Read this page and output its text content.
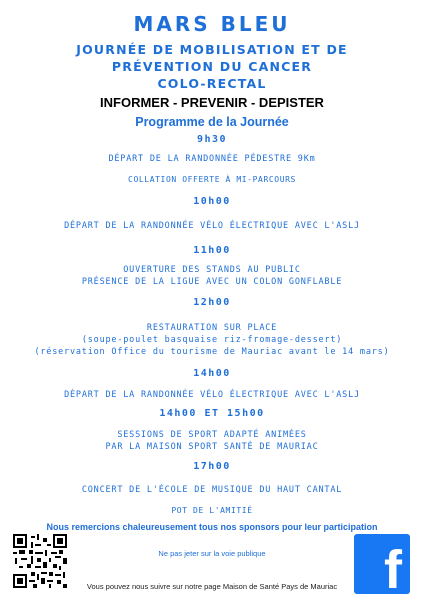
MARS BLEU
JOURNÉE DE MOBILISATION ET DE
PRÉVENTION DU CANCER
COLO-RECTAL
INFORMER - PREVENIR - DEPISTER
Programme de la Journée
9h30
DÉPART DE LA RANDONNÉE PÉDESTRE 9Km
COLLATION OFFERTE À MI-PARCOURS
10h00
DÉPART DE LA RANDONNÉE VÉLO ÉLECTRIQUE AVEC L'ASLJ
11h00
OUVERTURE DES STANDS AU PUBLIC
PRÉSENCE DE LA LIGUE AVEC UN COLON GONFLABLE
12h00
RESTAURATION SUR PLACE
(soupe-poulet basquaise riz-fromage-dessert)
(réservation Office du tourisme de Mauriac avant le 14 mars)
14h00
DÉPART DE LA RANDONNÉE VÉLO ÉLECTRIQUE AVEC L'ASLJ
14h00 ET 15h00
SESSIONS DE SPORT ADAPTÉ ANIMÉES
PAR LA MAISON SPORT SANTÉ DE MAURIAC
17h00
CONCERT DE L'ÉCOLE DE MUSIQUE DU HAUT CANTAL
POT DE L'AMITIÉ
Nous remercions chaleureusement tous nos sponsors pour leur participation
Ne pas jeter sur la voie publique
Vous pouvez nous suivre sur notre page Maison de Santé Pays de Mauriac f
